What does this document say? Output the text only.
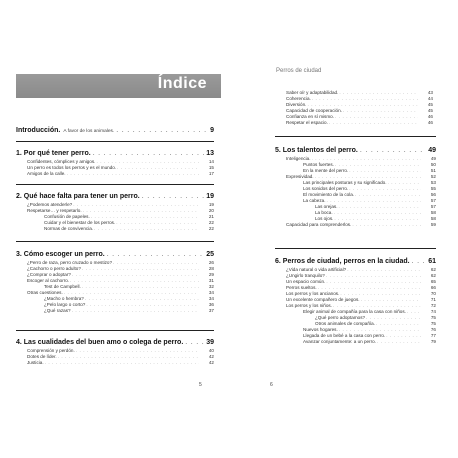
Índice
Introducción. A favor de los animales. . . .	9
1. Por qué tener perro. . . .	13
Confidentes, cómplices y amigos. . . .	14
Un perro es todos los perros y es el mundo. . . .	15
Amigos de la calle. . . .	17
2. Qué hace falta para tener un perro. . . .	19
¿Podemos atenderle? . . .	19
Respetarse… y respetarlo. . . .	20
Confusión de papeles. . . .	21
Cuidar y el bienestar de los perros. . . .	22
Normas de convivencia. . . .	22
3. Cómo escoger un perro. . . .	25
¿Perro de raza, perro cruzado o mestizo? . . .	26
¿Cachorro o perro adulto? . . .	28
¿Comprar o adoptar? . . .	29
Escoger al cachorro. . . .	31
Test de Campbell. . . .	32
Otras cuestiones. . . .	34
¿Macho o hembra? . . .	34
¿Pelo largo o corto? . . .	36
¿Qué razas? . . .	37
4. Las cualidades del buen amo o colega de perro. . . .	39
Comprensión y perdón. . . .	40
Dotes de líder. . . .	42
Justicia. . . .	42
5
Perros de ciudad
Saber oír y adaptabilidad. . . .	43
Coherencia. . . .	44
Diversión. . . .	45
Capacidad de cooperación. . . .	45
Confianza en sí mismo. . . .	46
Respetar el espacio. . . .	46
5. Los talentos del perro. . . .	49
Inteligencia. . . .	49
Puntos fuertes. . . .	50
En la mente del perro. . . .	51
Expresividad. . . .	52
Las principales posturas y su significado. . . .	53
Los sonidos del perro. . . .	55
El movimiento de la cola. . . .	56
La cabeza. . . .	57
Las orejas. . . .	57
La boca. . . .	58
Los ojos. . . .	58
Capacidad para comprenderlos. . . .	59
6. Perros de ciudad, perros en la ciudad. . . .	61
¿Vida natural o vida artificial? . . .	62
¿Ungirlo tranquilo? . . .	62
Un espacio común. . . .	65
Perros sueltos. . . .	66
Los perros y los ancianos. . . .	70
Un excelente compañero de juegos. . . .	71
Los perros y los niños. . . .	72
Elegir animal de compañía para la casa con niños. . . .	74
¿Qué perro adoptamos? . . .	75
Otros animales de compañía. . . .	75
Nuevos hogares. . . .	76
Llegada de un bebé a la casa con perro. . . .	77
Avanzar conjuntamente: a un perro. . . .	79
6
